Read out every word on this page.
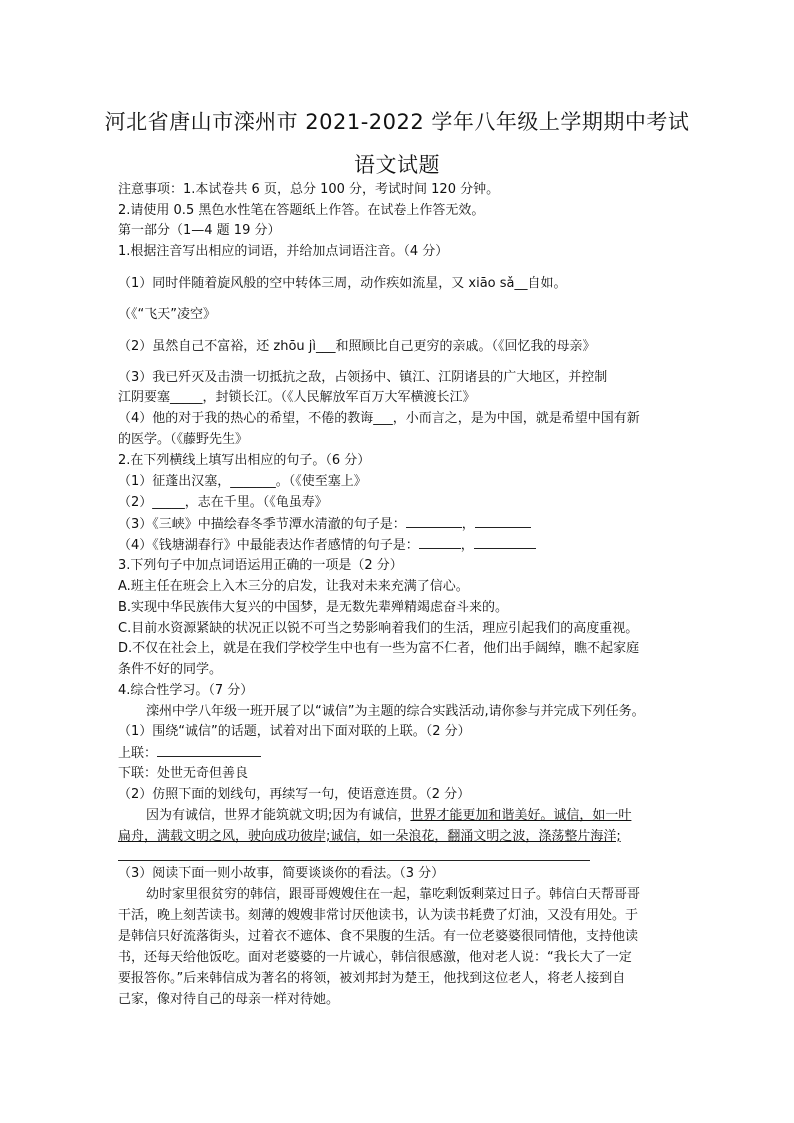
河北省唐山市滦州市 2021-2022 学年八年级上学期期中考试
语文试题
注意事项：1.本试卷共 6 页，总分 100 分，考试时间 120 分钟。
2.请使用 0.5 黑色水性笔在答题纸上作答。在试卷上作答无效。
第一部分（1—4 题 19 分）
1.根据注音写出相应的词语，并给加点词语注音。（4 分）
（1）同时伴随着旋风般的空中转体三周，动作疾如流星，又 xiāo sǎ__自如。
（《“飞天”凌空》
（2）虽然自己不富裕，还 zhōu jì___和照顾比自己更穷的亲戚。（《回忆我的母亲》
（3）我已歼灭及击溃一切抵抗之敌，占领扬中、镇江、江阴诸县的广大地区，并控制
江阴要塞_____，封锁长江。（《人民解放军百万大军横渡长江》
（4）他的对于我的热心的希望，不倦的教诲___，小而言之，是为中国，就是希望中国有新
的医学。（《藤野先生》
2.在下列横线上填写出相应的句子。（6 分）
（1）征蓬出汉塞，_______。（《使至塞上》
（2）_____，志在千里。（《龟虽寿》
（3）《三峡》中描绘春冬季节潭水清澈的句子是：	，
（4）《钱塘湖春行》中最能表达作者感情的句子是：	，
3.下列句子中加点词语运用正确的一项是（2 分）
A.班主任在班会上入木三分的启发，让我对未来充满了信心。
B.实现中华民族伟大复兴的中国梦，是无数先辈殚精竭虑奋斗来的。
C.目前水资源紧缺的状况正以锐不可当之势影响着我们的生活，理应引起我们的高度重视。
D.不仅在社会上，就是在我们学校学生中也有一些为富不仁者，他们出手阔绰，瞧不起家庭
条件不好的同学。
4.综合性学习。（7 分）
滦州中学八年级一班开展了以“诚信”为主题的综合实践活动,请你参与并完成下列任务。
（1）围绕“诚信”的话题，试着对出下面对联的上联。（2 分）
上联：
下联：处世无奇但善良
（2）仿照下面的划线句，再续写一句，使语意连贯。（2 分）
因为有诚信，世界才能筑就文明;因为有诚信，世界才能更加和谐美好。诚信，如一叶
扁舟，满载文明之风，驶向成功彼岸;诚信，如一朵浪花，翻涌文明之波，涤荡整片海洋;
（3）阅读下面一则小故事，简要谈谈你的看法。（3 分）
幼时家里很贫穷的韩信，跟哥哥嫂嫂住在一起，靠吃剩饭剩菜过日子。韩信白天帮哥哥
干活，晚上刻苦读书。刻薄的嫂嫂非常讨厌他读书，认为读书耗费了灯油，又没有用处。于
是韩信只好流落街头，过着衣不遮体、食不果腹的生活。有一位老婆婆很同情他，支持他读
书，还每天给他饭吃。面对老婆婆的一片诚心，韩信很感激，他对老人说：“我长大了一定
要报答你。”后来韩信成为著名的将领，被刘邦封为楚王，他找到这位老人，将老人接到自
己家，像对待自己的母亲一样对待她。
